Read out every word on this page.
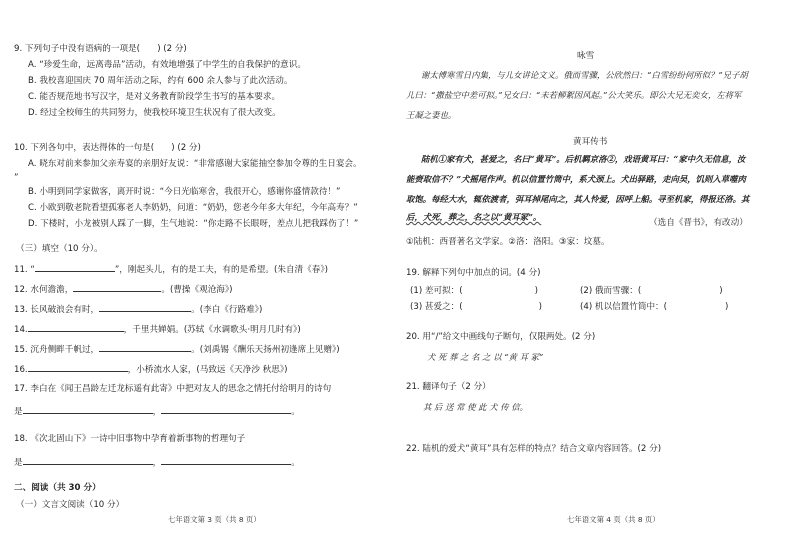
9. 下列句子中没有语病的一项是(　　) (2 分)
A. “珍爱生命，远离毒品”活动，有效地增强了中学生的自我保护的意识。
B. 我校喜迎国庆 70 周年活动之际，约有 600 余人参与了此次活动。
C. 能否规范地书写汉字，是对义务教育阶段学生书写的基本要求。
D. 经过全校师生的共同努力，使我校环境卫生状况有了很大改变。
10. 下列各句中，表达得体的一句是(　　) (2 分)
A. 晓东对前来参加父亲寿宴的亲朋好友说：“非常感谢大家能抽空参加令尊的生日宴会。
”
B. 小明到同学家做客，离开时说：“今日光临寒舍，我很开心，感谢你盛情款待！”
C. 小欧到敬老院看望孤寡老人李奶奶，问道：“奶奶，您老今年多大年纪，今年高寿？”
D. 下楼时，小龙被别人踩了一脚，生气地说：“你走路不长眼呀，差点儿把我踩伤了！”
（三）填空（10 分）。
11. “	”，刚起头儿，有的是工夫，有的是希望。(朱自清《春》)
12. 水何澹澹，	。(曹操《观沧海》)
13. 长风破浪会有时，	。(李白《行路难》)
14.	，千里共婵娟。(苏轼《水调歌头·明月几时有》)
15. 沉舟侧畔千帆过，	。(刘禹锡《酬乐天扬州初逢席上见赠》)
16.	，小桥流水人家，(马致远《天净沙 秋思》)
17. 李白在《闻王昌龄左迁龙标遥有此寄》中把对友人的思念之情托付给明月的诗句
是	，	。
18. 《次北固山下》一诗中旧事物中孕育着新事物的哲理句子
是	，	。
二、阅读（共 30 分）
（一）文言文阅读（10 分）
七年语文第 3 页（共 8 页）
咏雪
谢太傅寒雪日内集，与儿女讲论文义。俄而雪骤，公欣然曰：“白雪纷纷何所似？”兄子胡
儿曰：“撒盐空中差可拟。”兄女曰：“未若柳絮因风起。”公大笑乐。即公大兄无奕女，左将军
王凝之妻也。
黄耳传书
陆机①家有犬，甚爱之，名曰“黄耳”。后机羁京洛②，戏语黄耳曰：“家中久无信息，汝
能赍取信不？”犬摇尾作声。机以信置竹筒中，系犬颈上。犬出驿路，走向吴，饥则入草噬肉
取饱。每经大水，辄依渡者，弭耳掉尾向之，其人怜爱，因呼上船。寻至机家，得报还洛。其
后，犬死，葬之，名之以“黄耳冢”。
（选自《晋书》，有改动）
①陆机：西晋著名文学家。②洛：洛阳。③家：坟墓。
19. 解释下列句中加点的词。(4 分)
(1) 差可拟：(	)	(2) 俄而雪骤：(	)
(3) 甚爱之：(	)	(4) 机以信置竹筒中：(	)
20. 用“/”给文中画线句子断句，仅限两处。(2 分)
犬 死 葬 之 名 之 以 “黄 耳 冢”
21. 翻译句子（2 分）
其 后 送 常 使 此 犬 传 信。
22. 陆机的爱犬“黄耳”具有怎样的特点？结合文章内容回答。(2 分)
七年语文第 4 页（共 8 页）
